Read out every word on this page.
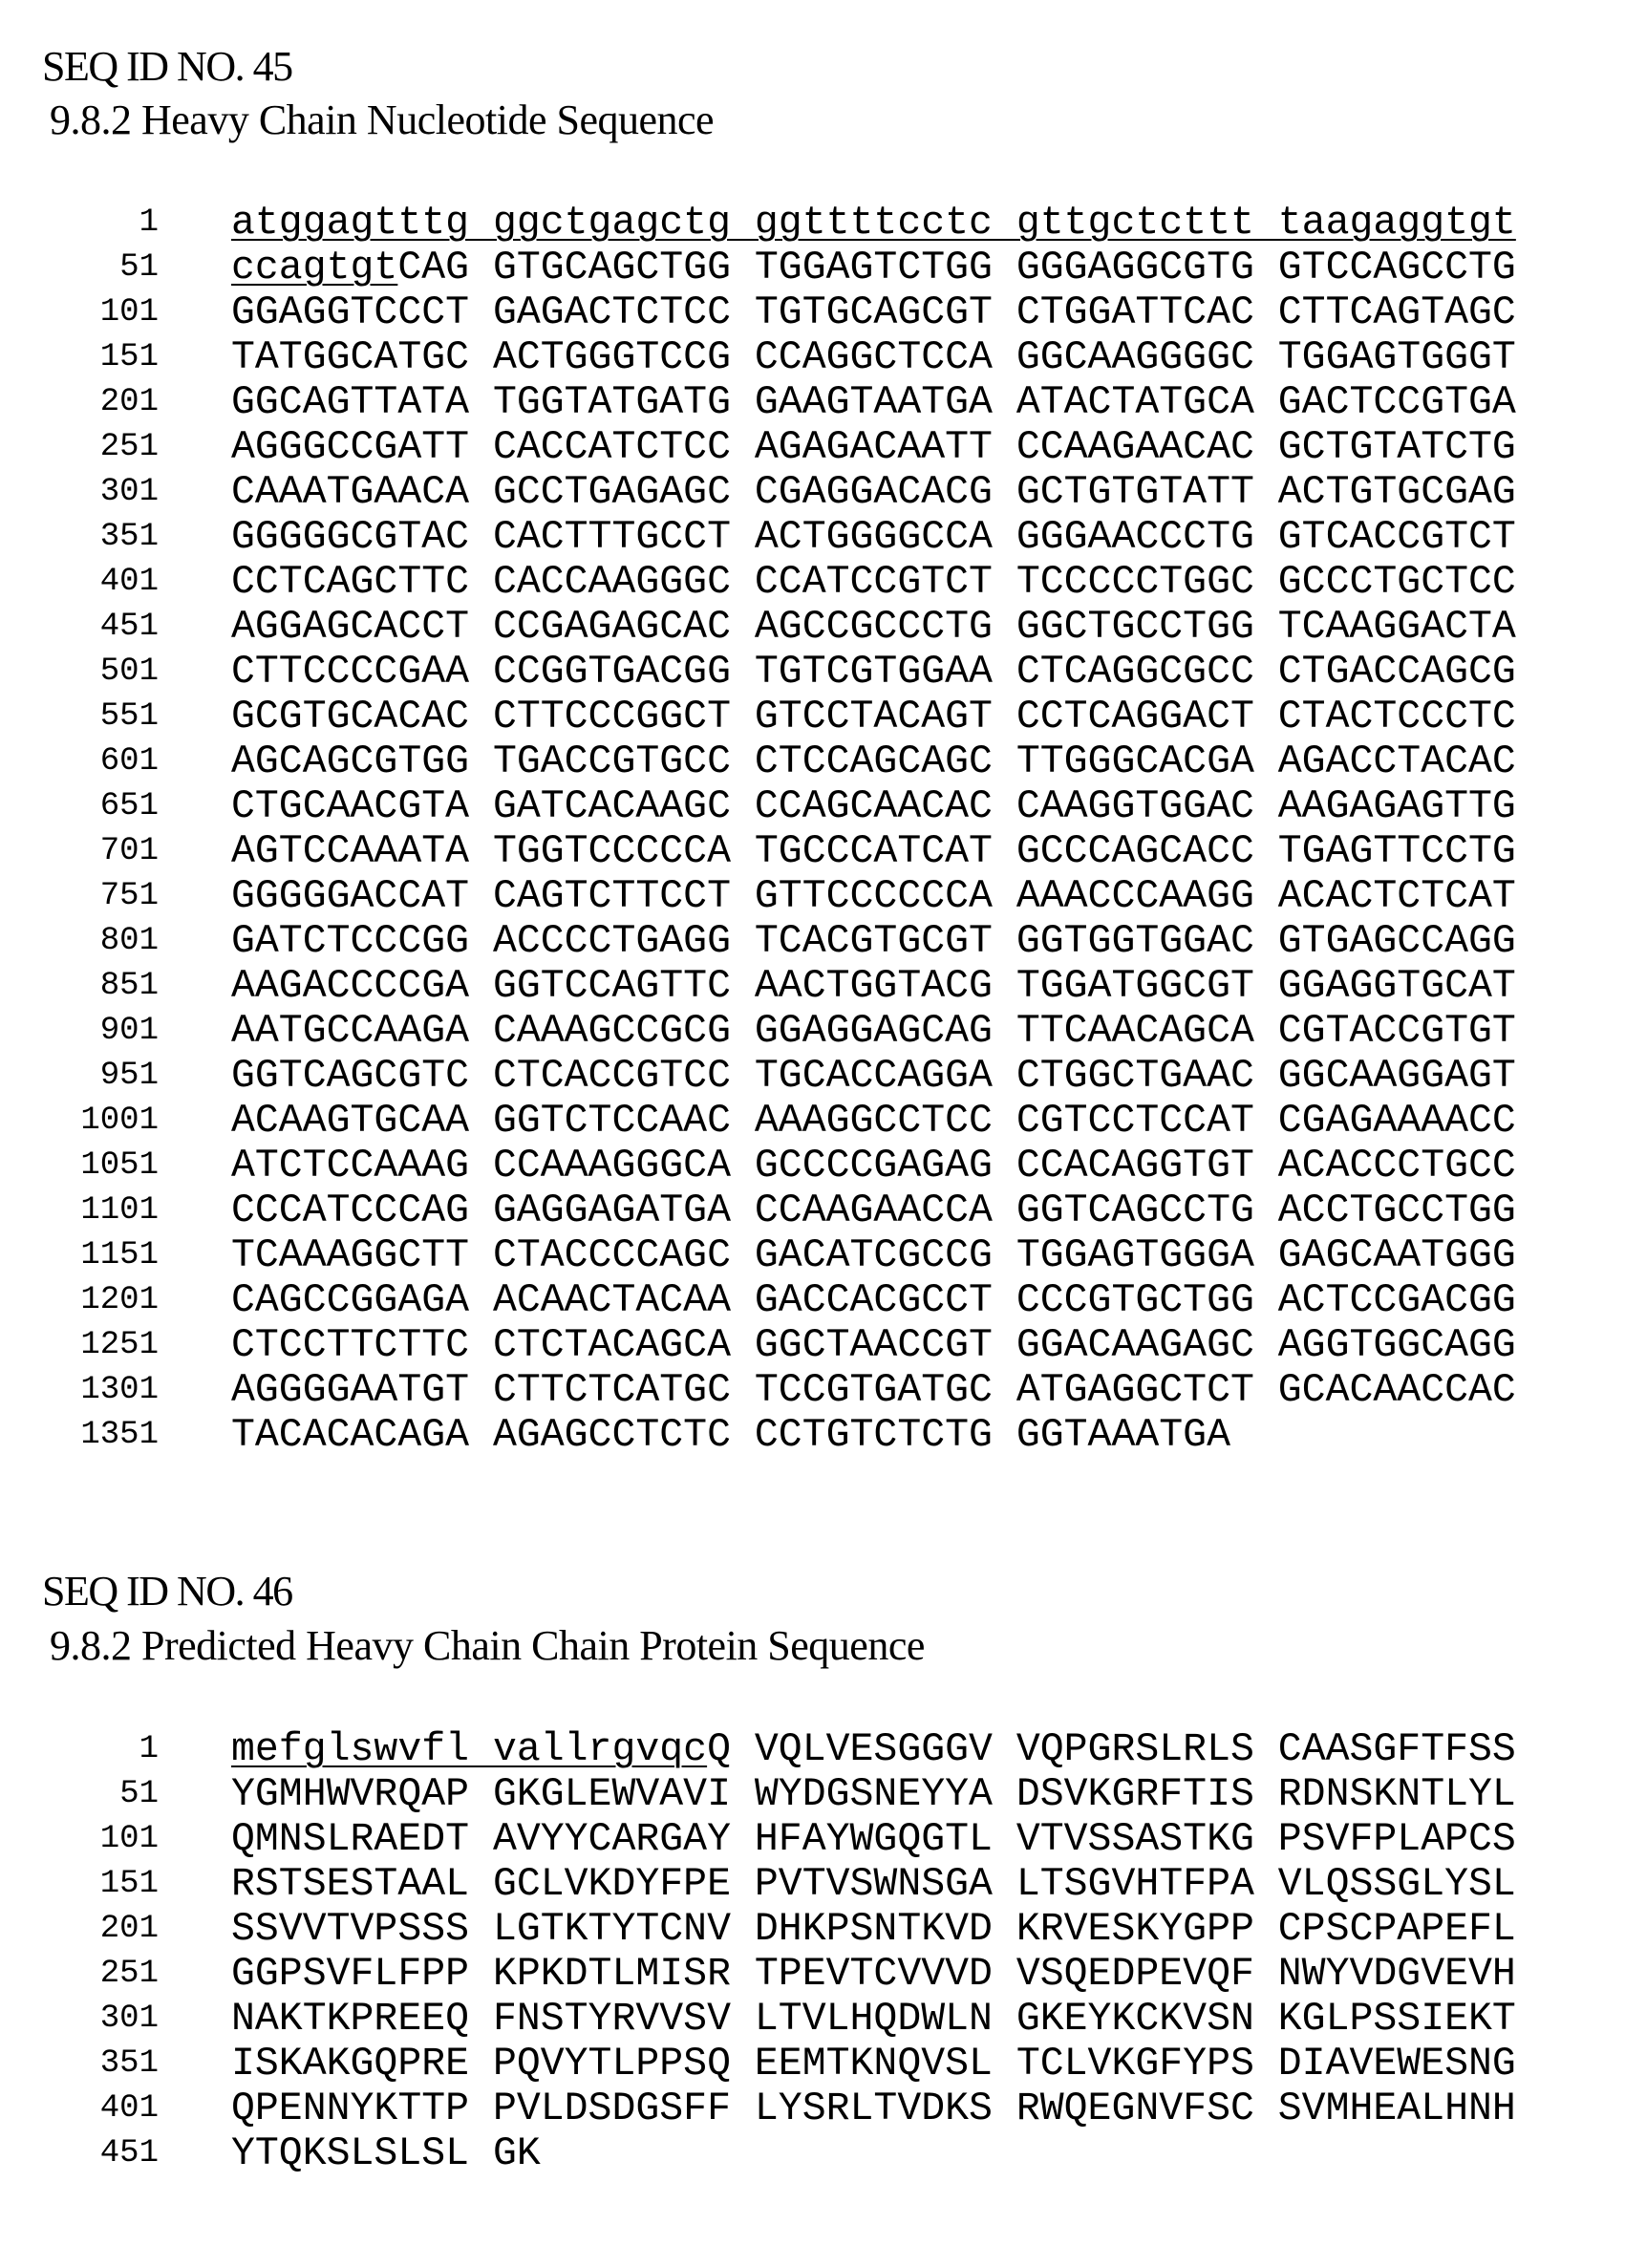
SEQ ID NO. 45
9.8.2 Heavy Chain Nucleotide Sequence
1 atggagtttg ggctgagctg ggttttcctc gttgctcttt taagaggtgt
51 ccagtgtCAG GTGCAGCTGG TGGAGTCTGG GGGAGGCGTG GTCCAGCCTG
101 GGAGGTCCCT GAGACTCTCC TGTGCAGCGT CTGGATTCAC CTTCAGTAGC
151 TATGGCATGC ACTGGGTCCG CCAGGCTCCA GGCAAGGGGC TGGAGTGGGT
201 GGCAGTTATA TGGTATGATG GAAGTAATGA ATACTATGCA GACTCCGTGA
251 AGGGCCGATT CACCATCTCC AGAGACAATT CCAAGAACAC GCTGTATCTG
301 CAAATGAACA GCCTGAGAGC CGAGGACACG GCTGTGTATT ACTGTGCGAG
351 GGGGGCGTAC CACTTTGCCT ACTGGGGCCA GGGAACCCTG GTCACCGTCT
401 CCTCAGCTTC CACCAAGGGC CCATCCGTCT TCCCCCTGGC GCCCTGCTCC
451 AGGAGCACCT CCGAGAGCAC AGCCGCCCTG GGCTGCCTGG TCAAGGACTA
501 CTTCCCCGAA CCGGTGACGG TGTCGTGGAA CTCAGGCGCC CTGACCAGCG
551 GCGTGCACAC CTTCCCGGCT GTCCTACAGT CCTCAGGACT CTACTCCCTC
601 AGCAGCGTGG TGACCGTGCC CTCCAGCAGC TTGGGCACGA AGACCTACAC
651 CTGCAACGTA GATCACAAGC CCAGCAACAC CAAGGTGGAC AAGAGAGTTG
701 AGTCCAAATA TGGTCCCCCA TGCCCATCAT GCCCAGCACC TGAGTTCCTG
751 GGGGGACCAT CAGTCTTCCT GTTCCCCCCA AAACCCAAGG ACACTCTCAT
801 GATCTCCCGG ACCCCTGAGG TCACGTGCGT GGTGGTGGAC GTGAGCCAGG
851 AAGACCCCGA GGTCCAGTTC AACTGGTACG TGGATGGCGT GGAGGTGCAT
901 AATGCCAAGA CAAAGCCGCG GGAGGAGCAG TTCAACAGCA CGTACCGTGT
951 GGTCAGCGTC CTCACCGTCC TGCACCAGGA CTGGCTGAAC GGCAAGGAGT
1001 ACAAGTGCAA GGTCTCCAAC AAAGGCCTCC CGTCCTCCAT CGAGAAAACC
1051 ATCTCCAAAG CCAAAGGGCA GCCCCGAGAG CCACAGGTGT ACACCCTGCC
1101 CCCATCCCAG GAGGAGATGA CCAAGAACCA GGTCAGCCTG ACCTGCCTGG
1151 TCAAAGGCTT CTACCCCAGC GACATCGCCG TGGAGTGGGA GAGCAATGGG
1201 CAGCCGGAGA ACAACTACAA GACCACGCCT CCCGTGCTGG ACTCCGACGG
1251 CTCCTTCTTC CTCTACAGCA GGCTAACCGT GGACAAGAGC AGGTGGCAGG
1301 AGGGGAATGT CTTCTCATGC TCCGTGATGC ATGAGGCTCT GCACAACCAC
1351 TACACACAGA AGAGCCTCTC CCTGTCTCTG GGTAAATGA
SEQ ID NO. 46
9.8.2 Predicted Heavy Chain Chain Protein Sequence
1 mefglswvfl vallrgvqcQ VQLVESGGGV VQPGRSLRLS CAASGFTFSS
51 YGMHWVRQAP GKGLEWVAVI WYDGSNEYYA DSVKGRFTIS RDNSKNTLYL
101 QMNSLRAEDT AVYYCARGAY HFAYWGQGTL VTVSSASTKG PSVFPLAPCS
151 RSTSESTAAL GCLVKDYFPE PVTVSWNSGA LTSGVHTFPA VLQSSGLYSL
201 SSVVTVPSSS LGTKTYTCNV DHKPSNTKVD KRVESKYGPP CPSCPAPEFL
251 GGPSVFLFPP KPKDTLMISR TPEVTCVVVD VSQEDPEVQF NWYVDGVEVH
301 NAKTKPREEQ FNSTYRVVSV LTVLHQDWLN GKEYKCKVSN KGLPSSIEKT
351 ISKAKGQPRE PQVYTLPPSQ EEMTKNQVSL TCLVKGFYPS DIAVEWESNG
401 QPENNYKTTP PVLDSDGSFF LYSRLTVDKS RWQEGNVFSC SVMHEALHNH
451 YTQKSLSLSL GK
